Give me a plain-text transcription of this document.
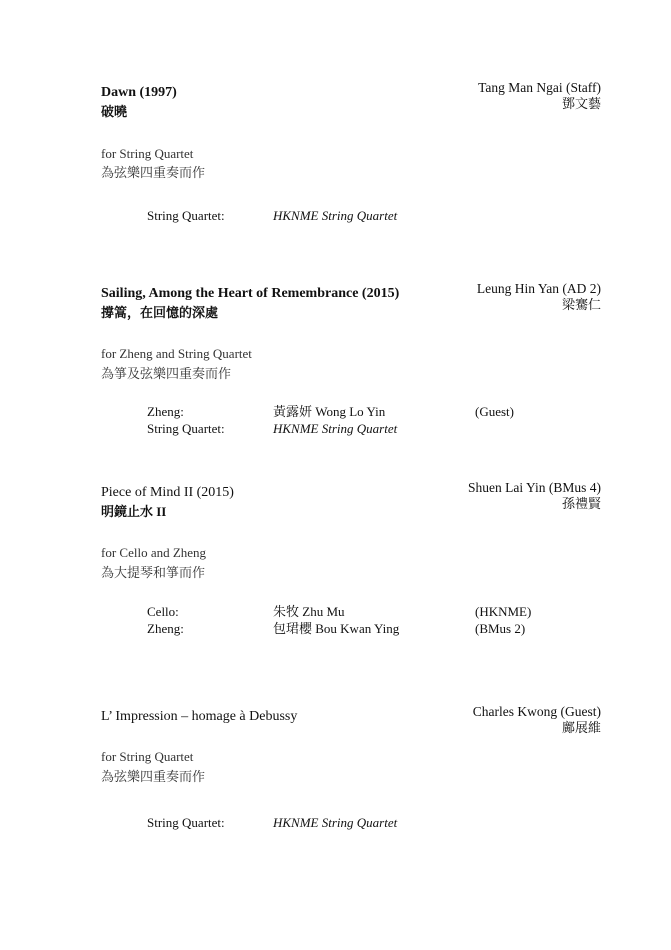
Dawn (1997)
破曉
Tang Man Ngai (Staff)
鄧文藝
for String Quartet
為弦樂四重奏而作
String Quartet:	HKNME String Quartet
Sailing, Among the Heart of Remembrance (2015)
撐篙，在回憶的深處
Leung Hin Yan (AD 2)
梁騫仁
for Zheng and String Quartet
為箏及弦樂四重奏而作
Zheng:	黃露妍 Wong Lo Yin	(Guest)
String Quartet:	HKNME String Quartet
Piece of Mind II (2015)
明鏡止水 II
Shuen Lai Yin (BMus 4)
孫禮賢
for Cello and Zheng
為大提琴和箏而作
Cello:	朱牧 Zhu Mu	(HKNME)
Zheng:	包珺櫻 Bou Kwan Ying	(BMus 2)
L’ Impression – homage à Debussy	Charles Kwong (Guest)
鄺展維
for String Quartet
為弦樂四重奏而作
String Quartet:	HKNME String Quartet
